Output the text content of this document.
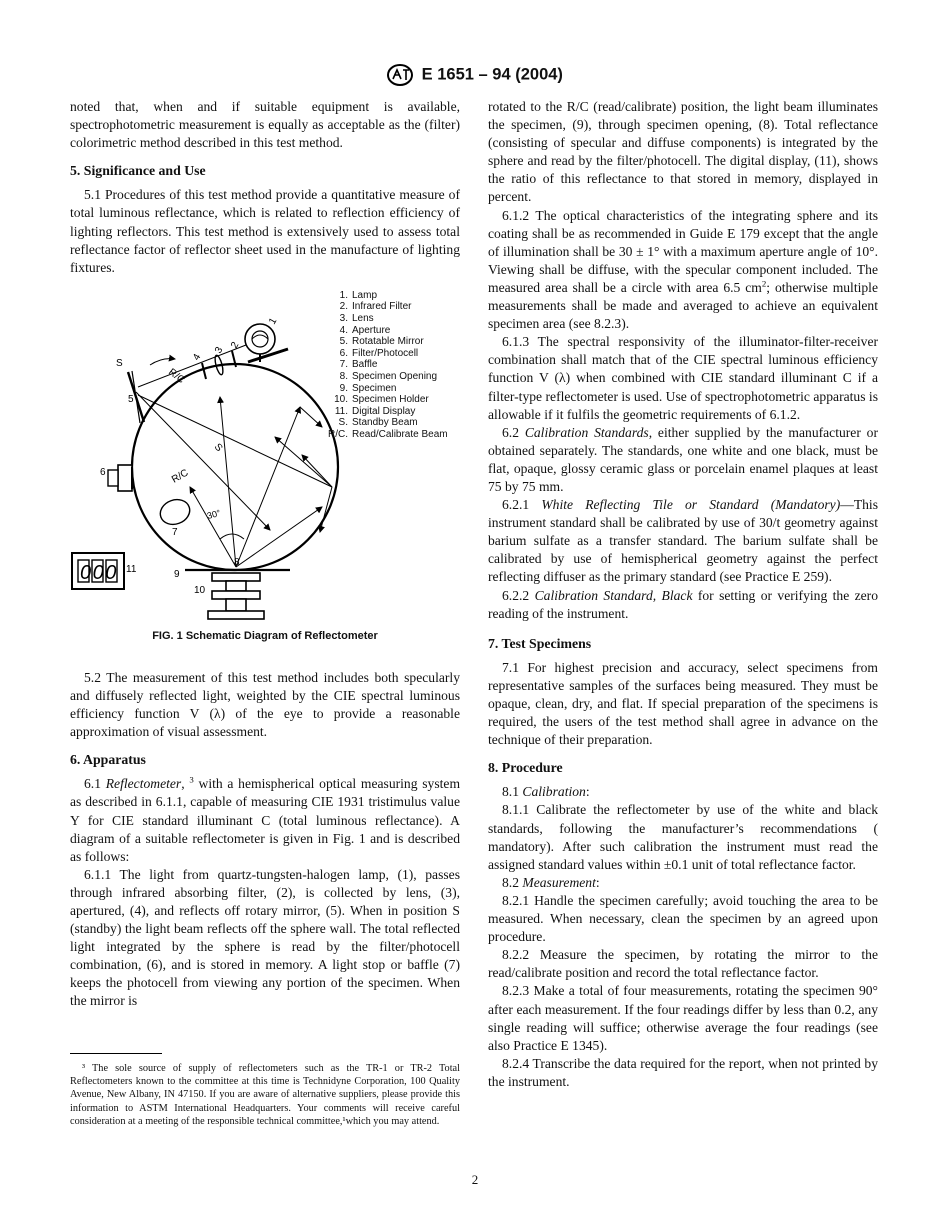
E 1651 – 94 (2004)

noted that, when and if suitable equipment is available, spectrophotometric measurement is equally as acceptable as the (filter) colorimetric method described in this test method.

5. Significance and Use

5.1 Procedures of this test method provide a quantitative measure of total luminous reflectance, which is related to reflection efficiency of lighting reflectors. This test method is extensively used to assess total reflectance factor of reflector sheet used in the manufacture of lighting fixtures.

S
R/C
S
R/C
30°
1
2
3
4
5
6
7
8
9
10
11
000
1. Lamp
2. Infrared Filter
3. Lens
4. Aperture
5. Rotatable Mirror
6. Filter/Photocell
7. Baffle
8. Specimen Opening
9. Specimen
10. Specimen Holder
11. Digital Display
S. Standby Beam
R/C. Read/Calibrate Beam
FIG. 1 Schematic Diagram of Reflectometer

5.2 The measurement of this test method includes both specularly and diffusely reflected light, weighted by the CIE spectral luminous efficiency function V (λ) of the eye to provide a reasonable approximation of visual assessment.

6. Apparatus

6.1 Reflectometer, $^3$ with a hemispherical optical measuring system as described in 6.1.1, capable of measuring CIE 1931 tristimulus value Y for CIE standard illuminant C (total luminous reflectance). A diagram of a suitable reflectometer is given in Fig. 1 and is described as follows:

6.1.1 The light from quartz-tungsten-halogen lamp, (1), passes through infrared absorbing filter, (2), is collected by lens, (3), apertured, (4), and reflects off rotary mirror, (5). When in position S (standby) the light beam reflects off the sphere wall. The total reflected light integrated by the sphere is read by the filter/photocell combination, (6), and is stored in memory. A light stop or baffle (7) keeps the photocell from viewing any portion of the specimen. When the mirror is

³ The sole source of supply of reflectometers such as the TR-1 or TR-2 Total Reflectometers known to the committee at this time is Technidyne Corporation, 100 Quality Avenue, New Albany, IN 47150. If you are aware of alternative suppliers, please provide this information to ASTM International Headquarters. Your comments will receive careful consideration at a meeting of the responsible technical committee,¹which you may attend.

rotated to the R/C (read/calibrate) position, the light beam illuminates the specimen, (9), through specimen opening, (8). Total reflectance (consisting of specular and diffuse components) is integrated by the sphere and read by the filter/photocell. The digital display, (11), shows the ratio of this reflectance to that stored in memory, displayed in percent.

6.1.2 The optical characteristics of the integrating sphere and its coating shall be as recommended in Guide E 179 except that the angle of illumination shall be 30 ± 1° with a maximum aperture angle of 10°. Viewing shall be diffuse, with the specular component included. The measured area shall be a circle with area 6.5 $cm^2$; otherwise multiple measurements shall be made and averaged to achieve an equivalent specimen area (see 8.2.3).

6.1.3 The spectral responsivity of the illuminator-filter-receiver combination shall match that of the CIE spectral luminous efficiency function V (λ) when combined with CIE standard illuminant C if a filter-type reflectometer is used. Use of spectrophotometric apparatus is allowable if it fulfils the geometric requirements of 6.1.2.

6.2 Calibration Standards, either supplied by the manufacturer or obtained separately. The standards, one white and one black, must be flat, opaque, glossy ceramic glass or porcelain enamel plaques at least 75 by 75 mm.

6.2.1 White Reflecting Tile or Standard (Mandatory)—This instrument standard shall be calibrated by use of 30/t geometry against barium sulfate as a transfer standard. The barium sulfate shall be calibrated by use of hemispherical geometry against the perfect reflecting diffuser as the primary standard (see Practice E 259).

6.2.2 Calibration Standard, Black for setting or verifying the zero reading of the instrument.

7. Test Specimens

7.1 For highest precision and accuracy, select specimens from representative samples of the surfaces being measured. They must be opaque, clean, dry, and flat. If special preparation of the specimens is required, the users of the test method shall agree in advance on the technique of their preparation.

8. Procedure

8.1 Calibration:

8.1.1 Calibrate the reflectometer by use of the white and black standards, following the manufacturer’s recommendations ( mandatory). After such calibration the instrument must read the assigned standard values within ±0.1 unit of total reflectance factor.

8.2 Measurement:

8.2.1 Handle the specimen carefully; avoid touching the area to be measured. When necessary, clean the specimen by an agreed upon procedure.

8.2.2 Measure the specimen, by rotating the mirror to the read/calibrate position and record the total reflectance factor.

8.2.3 Make a total of four measurements, rotating the specimen 90° after each measurement. If the four readings differ by less than 0.2, any single reading will suffice; otherwise average the four readings (see also Practice E 1345).

8.2.4 Transcribe the data required for the report, when not printed by the instrument.

2
